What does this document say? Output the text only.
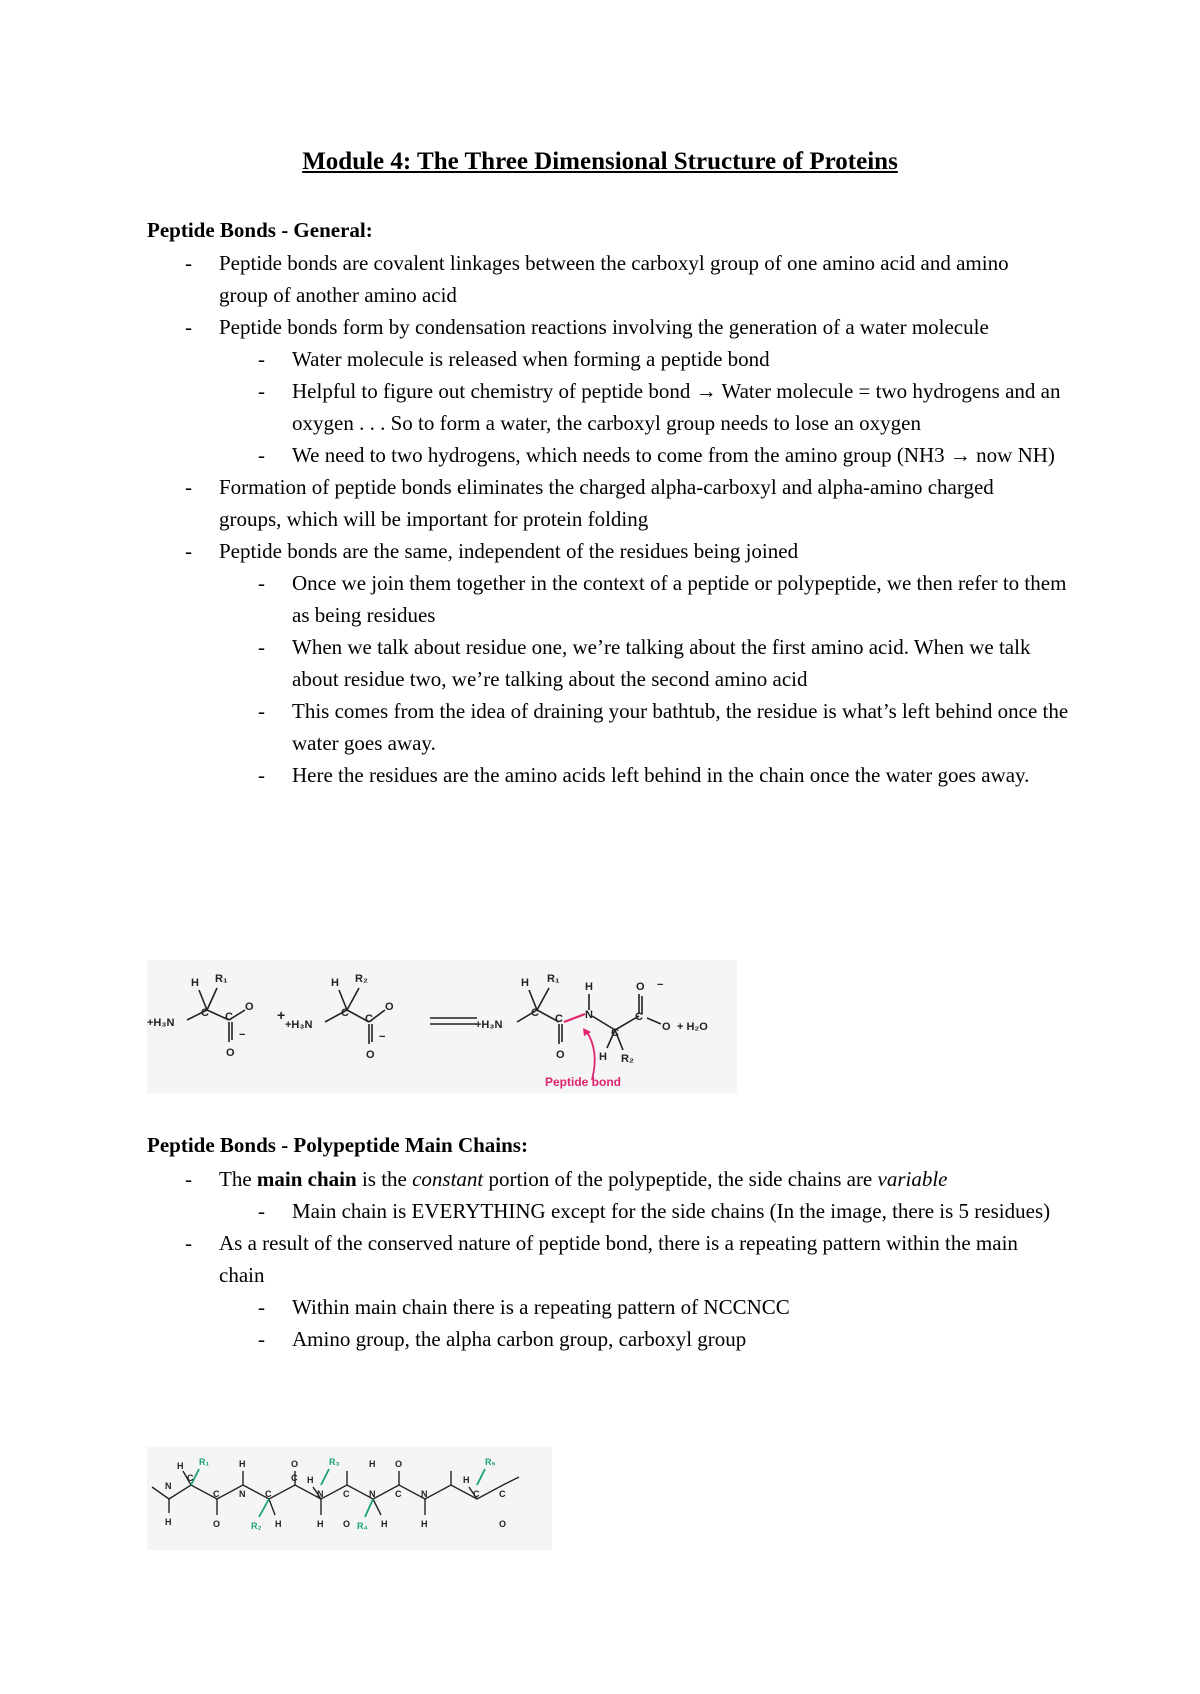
Module 4: The Three Dimensional Structure of Proteins
Peptide Bonds - General:
- Peptide bonds are covalent linkages between the carboxyl group of one amino acid and amino group of another amino acid
- Peptide bonds form by condensation reactions involving the generation of a water molecule
- Water molecule is released when forming a peptide bond
- Helpful to figure out chemistry of peptide bond → Water molecule = two hydrogens and an oxygen . . . So to form a water, the carboxyl group needs to lose an oxygen
- We need to two hydrogens, which needs to come from the amino group (NH3 → now NH)
- Formation of peptide bonds eliminates the charged alpha-carboxyl and alpha-amino charged groups, which will be important for protein folding
- Peptide bonds are the same, independent of the residues being joined
- Once we join them together in the context of a peptide or polypeptide, we then refer to them as being residues
- When we talk about residue one, we’re talking about the first amino acid. When we talk about residue two, we’re talking about the second amino acid
- This comes from the idea of draining your bathtub, the residue is what’s left behind once the water goes away.
- Here the residues are the amino acids left behind in the chain once the water goes away.
+H₃N
H R₁
C C
O
O
−
+
+H₃N
H R₂
C C
O
O
−
+H₃N
H R₁
C C
O
H
N
C
H R₂
O
C
−
O + H₂O
Peptide bond
Peptide Bonds - Polypeptide Main Chains:
- The main chain is the constant portion of the polypeptide, the side chains are variable
- Main chain is EVERYTHING except for the side chains (In the image, there is 5 residues)
- As a result of the conserved nature of peptide bond, there is a repeating pattern within the main chain
- Within main chain there is a repeating pattern of NCCNCC
- Amino group, the alpha carbon group, carboxyl group
N
H
H
C
C
O
N
H
C
H
C
O
N
H
H
C
O
N
H
H
C
O
N
H
H
C C
O
R₁
R₂
R₃
R₄
R₅
